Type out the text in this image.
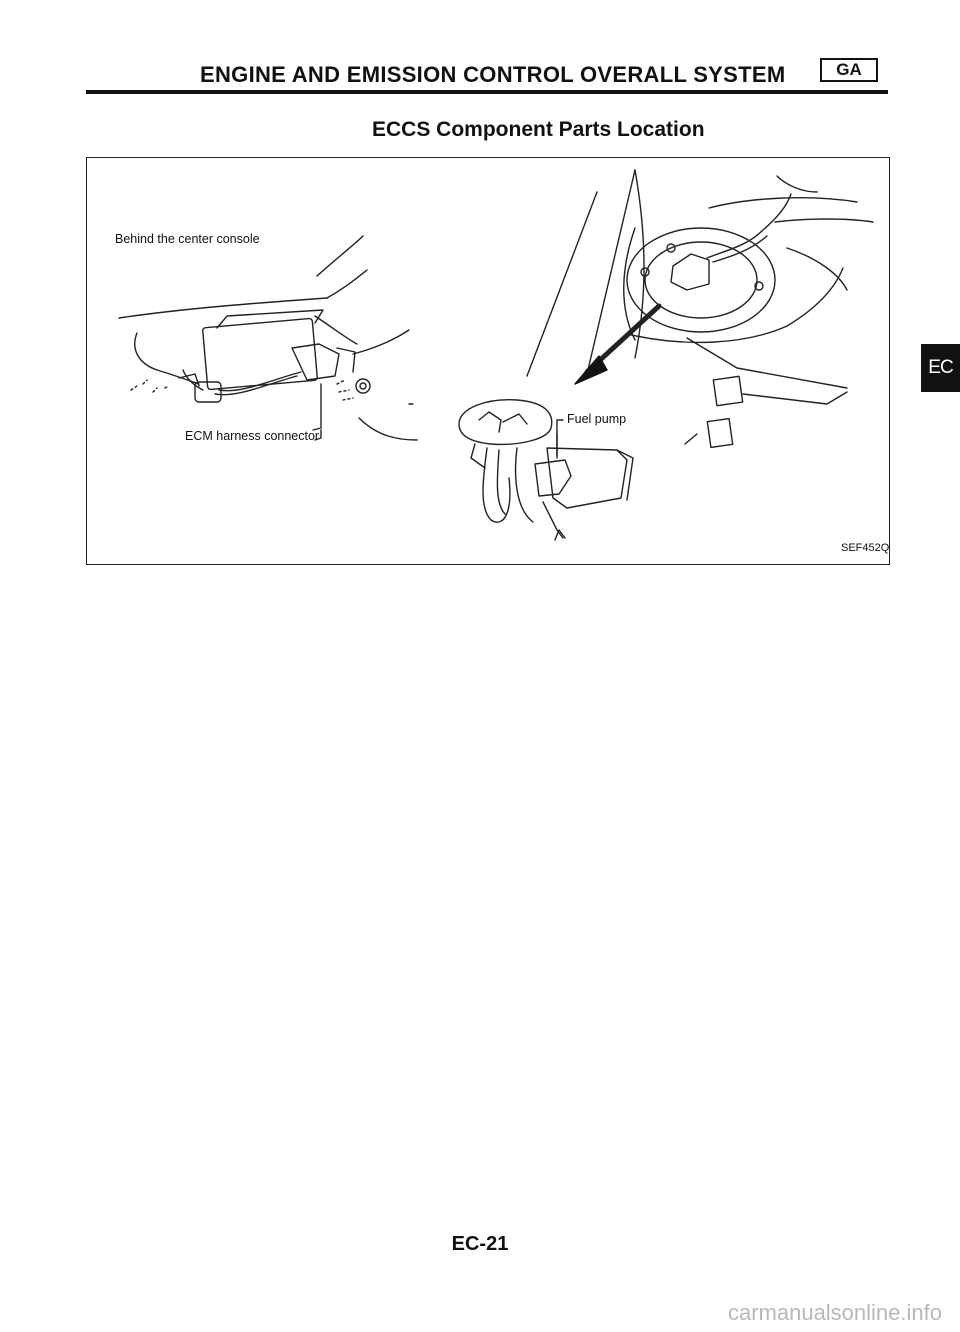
ENGINE AND EMISSION CONTROL OVERALL SYSTEM	GA
ECCS Component Parts Location
Behind the center console
ECM harness connector
Fuel pump
SEF452Q
EC
EC-21
carmanualsonline.info
